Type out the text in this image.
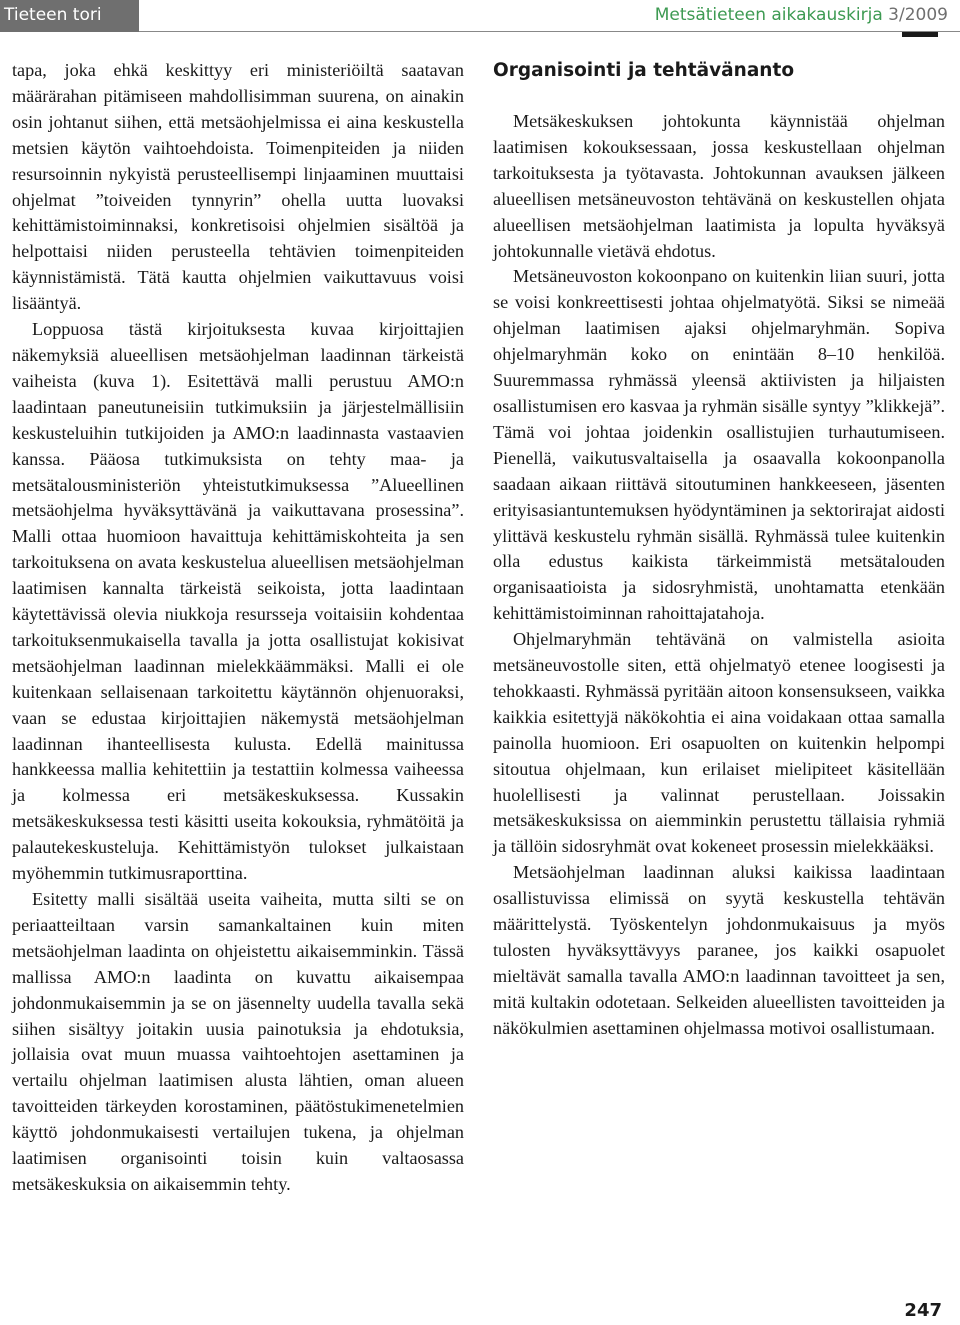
Tieteen tori	Metsätieteen aikakauskirja 3/2009

tapa, joka ehkä keskittyy eri ministeriöiltä saatavan määrärahan pitämiseen mahdollisimman suurena, on ainakin osin johtanut siihen, että metsäohjelmissa ei aina keskustella metsien käytön vaihtoehdoista. Toimenpiteiden ja niiden resursoinnin nykyistä perusteellisempi linjaaminen muuttaisi ohjelmat ”toiveiden tynnyrin” ohella uutta luovaksi kehittämistoiminnaksi, konkretisoisi ohjelmien sisältöä ja helpottaisi niiden perusteella tehtävien toimenpiteiden käynnistämistä. Tätä kautta ohjelmien vaikuttavuus voisi lisääntyä.

Loppuosa tästä kirjoituksesta kuvaa kirjoittajien näkemyksiä alueellisen metsäohjelman laadinnan tärkeistä vaiheista (kuva 1). Esitettävä malli perustuu AMO:n laadintaan paneutuneisiin tutkimuksiin ja järjestelmällisiin keskusteluihin tutkijoiden ja AMO:n laadinnasta vastaavien kanssa. Pääosa tutkimuksista on tehty maa- ja metsätalousministeriön yhteistutkimuksessa ”Alueellinen metsäohjelma hyväksyttävänä ja vaikuttavana prosessina”. Malli ottaa huomioon havaittuja kehittämiskohteita ja sen tarkoituksena on avata keskustelua alueellisen metsäohjelman laatimisen kannalta tärkeistä seikoista, jotta laadintaan käytettävissä olevia niukkoja resursseja voitaisiin kohdentaa tarkoituksenmukaisella tavalla ja jotta osallistujat kokisivat metsäohjelman laadinnan mielekkäämmäksi. Malli ei ole kuitenkaan sellaisenaan tarkoitettu käytännön ohjenuoraksi, vaan se edustaa kirjoittajien näkemystä metsäohjelman laadinnan ihanteellisesta kulusta. Edellä mainitussa hankkeessa mallia kehitettiin ja testattiin kolmessa vaiheessa ja kolmessa eri metsäkeskuksessa. Kussakin metsäkeskuksessa testi käsitti useita kokouksia, ryhmätöitä ja palautekeskusteluja. Kehittämistyön tulokset julkaistaan myöhemmin tutkimusraporttina.

Esitetty malli sisältää useita vaiheita, mutta silti se on periaatteiltaan varsin samankaltainen kuin miten metsäohjelman laadinta on ohjeistettu aikaisemminkin. Tässä mallissa AMO:n laadinta on kuvattu aikaisempaa johdonmukaisemmin ja se on jäsennelty uudella tavalla sekä siihen sisältyy joitakin uusia painotuksia ja ehdotuksia, jollaisia ovat muun muassa vaihtoehtojen asettaminen ja vertailu ohjelman laatimisen alusta lähtien, oman alueen tavoitteiden tärkeyden korostaminen, päätöstukimenetelmien käyttö johdonmukaisesti vertailujen tukena, ja ohjelman laatimisen organisointi toisin kuin valtaosassa metsäkeskuksia on aikaisemmin tehty.

Organisointi ja tehtävänanto

Metsäkeskuksen johtokunta käynnistää ohjelman laatimisen kokouksessaan, jossa keskustellaan ohjelman tarkoituksesta ja työtavasta. Johtokunnan avauksen jälkeen alueellisen metsäneuvoston tehtävänä on keskustellen ohjata alueellisen metsäohjelman laatimista ja lopulta hyväksyä johtokunnalle vietävä ehdotus.

Metsäneuvoston kokoonpano on kuitenkin liian suuri, jotta se voisi konkreettisesti johtaa ohjelmatyötä. Siksi se nimeää ohjelman laatimisen ajaksi ohjelmaryhmän. Sopiva ohjelmaryhmän koko on enintään 8–10 henkilöä. Suuremmassa ryhmässä yleensä aktiivisten ja hiljaisten osallistumisen ero kasvaa ja ryhmän sisälle syntyy ”klikkejä”. Tämä voi johtaa joidenkin osallistujien turhautumiseen. Pienellä, vaikutusvaltaisella ja osaavalla kokoonpanolla saadaan aikaan riittävä sitoutuminen hankkeeseen, jäsenten erityisasiantuntemuksen hyödyntäminen ja sektorirajat aidosti ylittävä keskustelu ryhmän sisällä. Ryhmässä tulee kuitenkin olla edustus kaikista tärkeimmistä metsätalouden organisaatioista ja sidosryhmistä, unohtamatta etenkään kehittämistoiminnan rahoittajatahoja.

Ohjelmaryhmän tehtävänä on valmistella asioita metsäneuvostolle siten, että ohjelmatyö etenee loogisesti ja tehokkaasti. Ryhmässä pyritään aitoon konsensukseen, vaikka kaikkia esitettyjä näkökohtia ei aina voidakaan ottaa samalla painolla huomioon. Eri osapuolten on kuitenkin helpompi sitoutua ohjelmaan, kun erilaiset mielipiteet käsitellään huolellisesti ja valinnat perustellaan. Joissakin metsäkeskuksissa on aiemminkin perustettu tällaisia ryhmiä ja tällöin sidosryhmät ovat kokeneet prosessin mielekkääksi.

Metsäohjelman laadinnan aluksi kaikissa laadintaan osallistuvissa elimissä on syytä keskustella tehtävän määrittelystä. Työskentelyn johdonmukaisuus ja myös tulosten hyväksyttävyys paranee, jos kaikki osapuolet mieltävät samalla tavalla AMO:n laadinnan tavoitteet ja sen, mitä kultakin odotetaan. Selkeiden alueellisten tavoitteiden ja näkökulmien asettaminen ohjelmassa motivoi osallistumaan.

247
